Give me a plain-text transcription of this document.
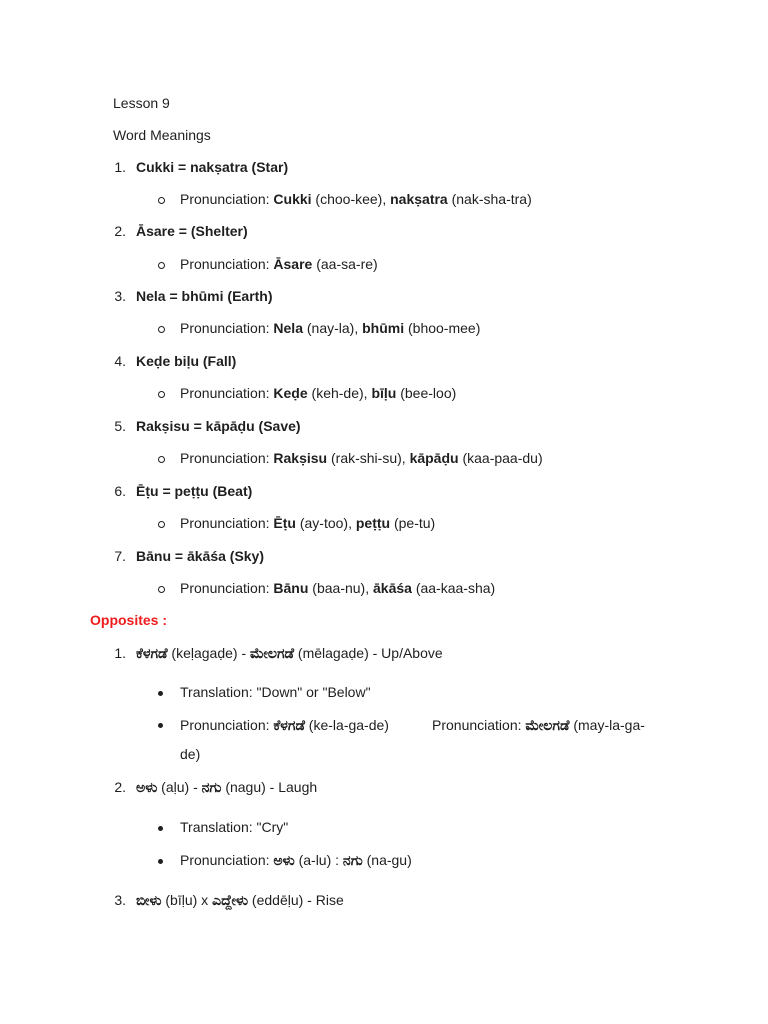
Lesson 9
Word Meanings
1. Cukki = nakṣatra (Star)
Pronunciation: Cukki (choo-kee), nakṣatra (nak-sha-tra)
2. Āsare = (Shelter)
Pronunciation: Āsare (aa-sa-re)
3. Nela = bhūmi (Earth)
Pronunciation: Nela (nay-la), bhūmi (bhoo-mee)
4. Keḍe biḷu (Fall)
Pronunciation: Keḍe (keh-de), bīḷu (bee-loo)
5. Rakṣisu = kāpāḍu (Save)
Pronunciation: Rakṣisu (rak-shi-su), kāpāḍu (kaa-paa-du)
6. Ēṭu = peṭṭu (Beat)
Pronunciation: Ēṭu (ay-too), peṭṭu (pe-tu)
7. Bānu = ākāśa (Sky)
Pronunciation: Bānu (baa-nu), ākāśa (aa-kaa-sha)
Opposites :
1. ಕೆಳಗಡೆ (keḷagaḍe) - ಮೇಲಗಡೆ (mēlagaḍe) - Up/Above
Translation: "Down" or "Below"
Pronunciation: ಕೆಳಗಡೆ (ke-la-ga-de)	Pronunciation: ಮೇಲಗಡೆ (may-la-ga-
de)
2. ಅಳು (aḷu) - ನಗು (nagu) - Laugh
Translation: "Cry"
Pronunciation: ಅಳು (a-lu) : ನಗು (na-gu)
3. ಬೀಳು (bīḷu) x ಎದ್ದೇಳು (eddēḷu) - Rise
